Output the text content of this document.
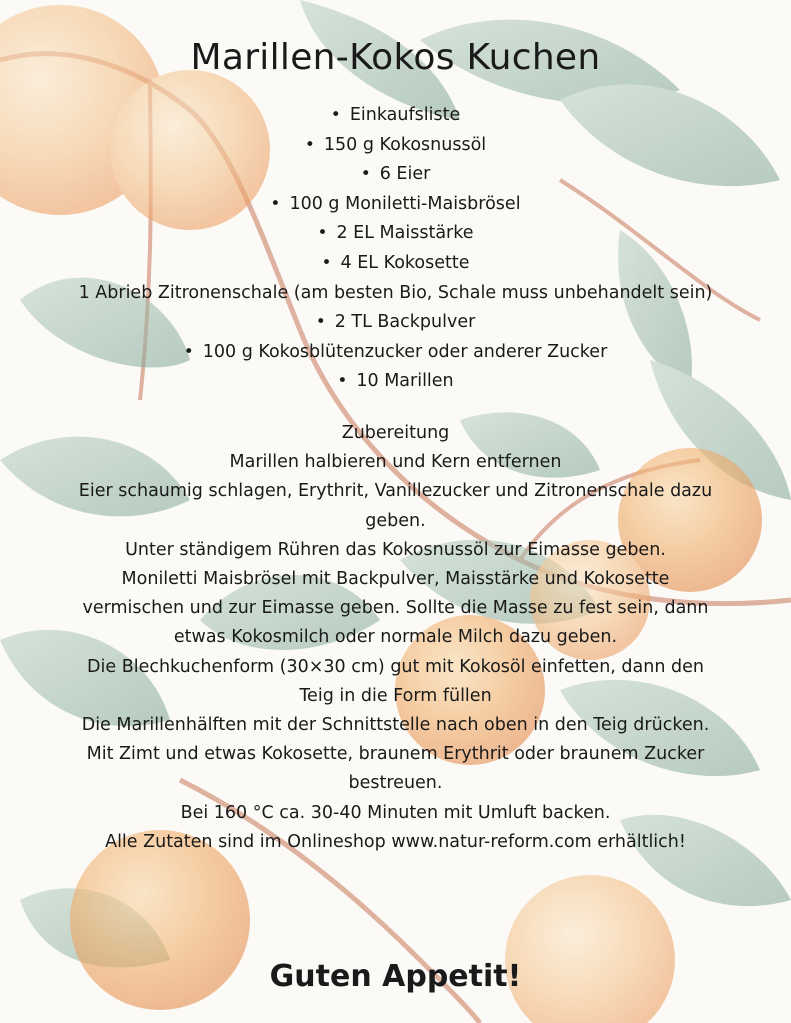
Marillen-Kokos Kuchen
• Einkaufsliste
• 150 g Kokosnussöl
• 6 Eier
• 100 g Moniletti-Maisbrösel
• 2 EL Maisstärke
• 4 EL Kokosette
1 Abrieb Zitronenschale (am besten Bio, Schale muss unbehandelt sein)
• 2 TL Backpulver
• 100 g Kokosblütenzucker oder anderer Zucker
• 10 Marillen

Zubereitung

Marillen halbieren und Kern entfernen

Eier schaumig schlagen, Erythrit, Vanillezucker und Zitronenschale dazu geben.

Unter ständigem Rühren das Kokosnussöl zur Eimasse geben.

Moniletti Maisbrösel mit Backpulver, Maisstärke und Kokosette vermischen und zur Eimasse geben. Sollte die Masse zu fest sein, dann etwas Kokosmilch oder normale Milch dazu geben.

Die Blechkuchenform (30×30 cm) gut mit Kokosöl einfetten, dann den Teig in die Form füllen

Die Marillenhälften mit der Schnittstelle nach oben in den Teig drücken. Mit Zimt und etwas Kokosette, braunem Erythrit oder braunem Zucker bestreuen.

Bei 160 °C ca. 30-40 Minuten mit Umluft backen.

Alle Zutaten sind im Onlineshop www.natur-reform.com erhältlich!

Guten Appetit!
